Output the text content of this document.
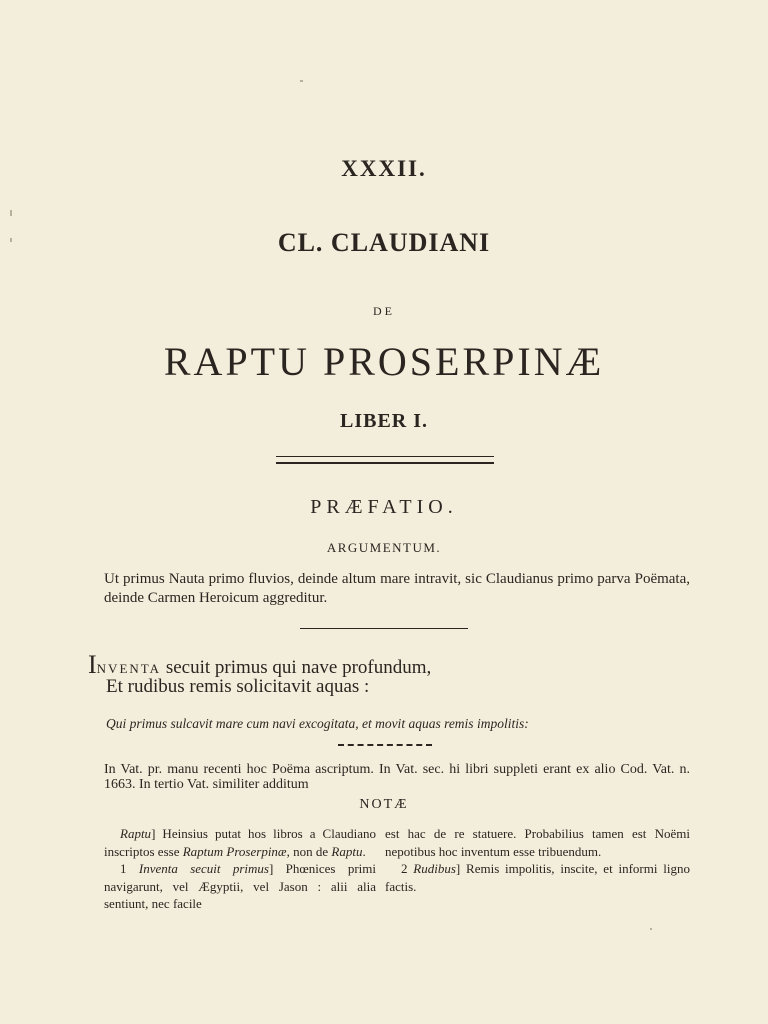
XXXII.
CL. CLAUDIANI
DE
RAPTU PROSERPINÆ
LIBER I.
PRÆFATIO.
ARGUMENTUM.
Ut primus Nauta primo fluvios, deinde altum mare intravit, sic Claudianus primo parva Poëmata, deinde Carmen Heroicum aggreditur.
INVENTA secuit primus qui nave profundum,
Et rudibus remis solicitavit aquas :
Qui primus sulcavit mare cum navi excogitata, et movit aquas remis impolitis:
In Vat. pr. manu recenti hoc Poëma ascriptum. In Vat. sec. hi libri suppleti erant ex alio Cod. Vat. n. 1663. In tertio Vat. similiter additum
NOTÆ

Raptu] Heinsius putat hos libros a Claudiano inscriptos esse Raptum Proserpinæ, non de Raptu.

1 Inventa secuit primus] Phœnices primi navigarunt, vel Ægyptii, vel Jason : alii alia sentiunt, nec facile

est hac de re statuere. Probabilius tamen est Noëmi nepotibus hoc inventum esse tribuendum.

2 Rudibus] Remis impolitis, inscite, et informi ligno factis.
